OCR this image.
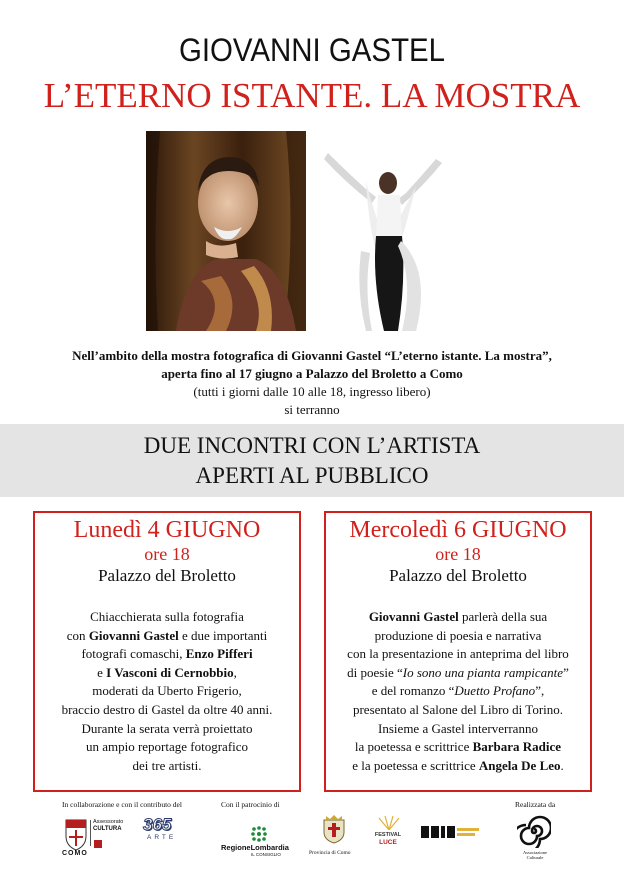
GIOVANNI GASTEL
L’ETERNO ISTANTE. LA MOSTRA
Nell’ambito della mostra fotografica di Giovanni Gastel “L’eterno istante. La mostra”,
aperta fino al 17 giugno a Palazzo del Broletto a Como
(tutti i giorni dalle 10 alle 18, ingresso libero)
si terranno
DUE INCONTRI CON L’ARTISTA
APERTI AL PUBBLICO
Lunedì 4 GIUGNO
ore 18
Palazzo del Broletto
Chiacchierata sulla fotografia
con Giovanni Gastel e due importanti
fotografi comaschi, Enzo Pifferi
e I Vasconi di Cernobbio,
moderati da Uberto Frigerio,
braccio destro di Gastel da oltre 40 anni.
Durante la serata verrà proiettato
un ampio reportage fotografico
dei tre artisti.
Mercoledì 6 GIUGNO
ore 18
Palazzo del Broletto
Giovanni Gastel parlerà della sua
produzione di poesia e narrativa
con la presentazione in anteprima del libro
di poesie “Io sono una pianta rampicante”
e del romanzo “Duetto Profano”,
presentato al Salone del Libro di Torino.
Insieme a Gastel interverranno
la poetessa e scrittrice Barbara Radice
e la poetessa e scrittrice Angela De Leo.
In collaborazione e con il contributo del	Con il patrocinio di	Realizzata da
Assessorato
CULTURA
COMO
365
ARTE
RegioneLombardia
IL CONSIGLIO	Provincia di Como
FESTIVAL
LUCE
Associazione Culturale
